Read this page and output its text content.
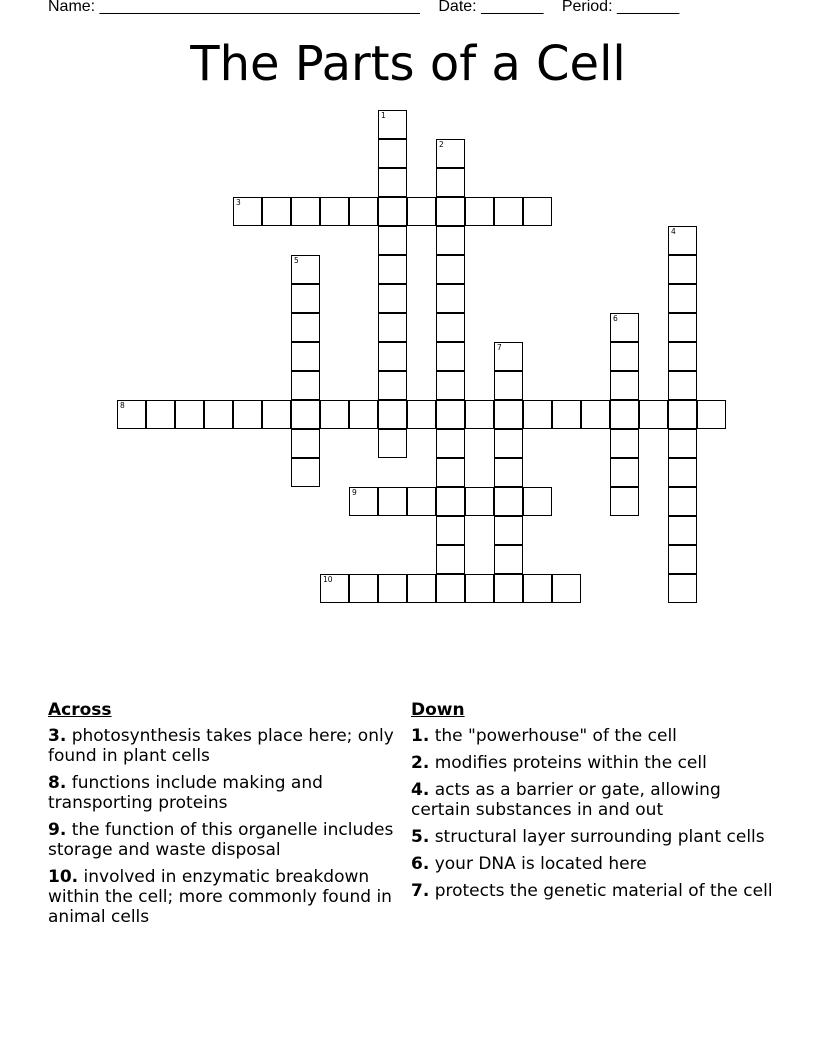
Name: ____________________________________ Date: _______ Period: _______
The Parts of a Cell
1
2
3
4
5
6
7
8
9
10
Across
3. photosynthesis takes place here; only found in plant cells
8. functions include making and transporting proteins
9. the function of this organelle includes storage and waste disposal
10. involved in enzymatic breakdown within the cell; more commonly found in animal cells
Down
1. the "powerhouse" of the cell
2. modifies proteins within the cell
4. acts as a barrier or gate, allowing certain substances in and out
5. structural layer surrounding plant cells
6. your DNA is located here
7. protects the genetic material of the cell
